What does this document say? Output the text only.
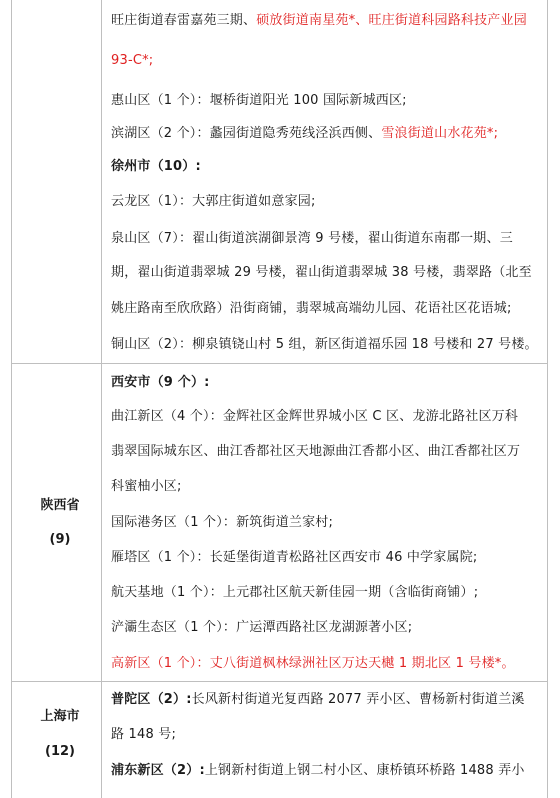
旺庄街道春雷嘉苑三期、硕放街道南星苑*、旺庄街道科园路科技产业园
93-C*;
惠山区（1 个）：堰桥街道阳光 100 国际新城西区;
滨湖区（2 个）：蠡园街道隐秀苑线泾浜西侧、雪浪街道山水花苑*;
徐州市（10）:
云龙区（1）：大郭庄街道如意家园;
泉山区（7）：翟山街道滨湖御景湾 9 号楼，翟山街道东南郡一期、三
期，翟山街道翡翠城 29 号楼，翟山街道翡翠城 38 号楼，翡翠路（北至
姚庄路南至欣欣路）沿街商铺，翡翠城高端幼儿园、花语社区花语城;
铜山区（2）：柳泉镇铙山村 5 组，新区街道福乐园 18 号楼和 27 号楼。
陕西省
(9)
西安市（9 个）:
曲江新区（4 个）：金辉社区金辉世界城小区 C 区、龙游北路社区万科
翡翠国际城东区、曲江香都社区天地源曲江香都小区、曲江香都社区万
科蜜柚小区;
国际港务区（1 个）：新筑街道兰家村;
雁塔区（1 个）：长延堡街道青松路社区西安市 46 中学家属院;
航天基地（1 个）：上元郡社区航天新佳园一期（含临街商铺）;
浐灞生态区（1 个）：广运潭西路社区龙湖源著小区;
高新区（1 个）：丈八街道枫林绿洲社区万达天樾 1 期北区 1 号楼*。
上海市
(12)
普陀区（2）:长风新村街道光复西路 2077 弄小区、曹杨新村街道兰溪
路 148 号;
浦东新区（2）:上钢新村街道上钢二村小区、康桥镇环桥路 1488 弄小
